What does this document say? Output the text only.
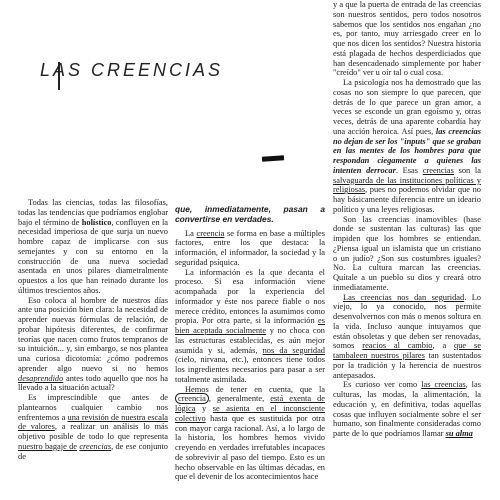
LAS CREENCIAS

Todas las ciencias, todas las filosofías, todas las tendencias que podríamos englobar bajo el término de holístico, confluyen en la necesidad imperiosa de que surja un nuevo hombre capaz de implicarse con sus semejantes y con su entorno en la construcción de una nueva sociedad asentada en unos pilares diametralmente opuestos a los que han reinado durante los últimos trescientos años.

Eso coloca al hombre de nuestros días ante una posición bien clara: la necesidad de aprender nuevas fórmulas de relación, de probar hipótesis diferentes, de confirmar teorías que nacen como frutos tempranos de su intuición... y, sin embargo, se nos plantea una curiosa dicotomía: ¿cómo podremos aprender algo nuevo si no hemos desaprendido antes todo aquello que nos ha llevado a la situación actual?

Es imprescindible que antes de plantearnos cualquier cambio nos enfrentemos a una revisión de nuestra escala de valores, a realizar un análisis lo más objetivo posible de todo lo que representa nuestro bagaje de creencias, de ese conjunto de

que, inmediatamente, pasan a convertirse en verdades.

La creencia se forma en base a múltiples factores, entre los que destaca: la información, el informador, la sociedad y la seguridad psíquica.

La información es la que decanta el proceso. Si esa información viene acompañada por la experiencia del informador y éste nos parece fiable o nos merece crédito, entonces la asumimos como propia. Por otra parte, si la información es bien aceptada socialmente y no choca con las estructuras establecidas, es aún mejor asumida y si, además, nos da seguridad (cielo, nirvana, etc.), entonces tiene todos los ingredientes necesarios para pasar a ser totalmente asimilada.

Hemos de tener en cuenta, que la creencia , generalmente, está exenta de lógica y se asienta en el inconsciente colectivo hasta que es sustituida por otra con mayor carga racional. Así, a lo largo de la historia, los hombres hemos vivido creyendo en verdades irrefutables incapaces de sobrevivir al paso del tiempo. Esto es un hecho observable en las últimas décadas, en que el devenir de los acontecimientos hace

y a que la puerta de entrada de las creencias son nuestros sentidos, pero todos nosotros sabemos que los sentidos nos engañan ¿no es, por tanto, muy arriesgado creer en lo que nos dicen los sentidos? Nuestra historia está plagada de hechos desperdiciados que han desencadenado simplemente por haber "creído" ver u oír tal o cual cosa.

La psicología nos ha demostrado que las cosas no son siempre lo que parecen, que detrás de lo que parece un gran amor, a veces se esconde un gran egoísmo y, otras veces, detrás de una aparente cobardía hay una acción heroica. Así pues, las creencias no dejan de ser los "inputs" que se graban en las mentes de los hombres para que respondan ciegamente a quienes las intenten derrocar. Esas creencias son la salvaguarda de las instituciones políticas y religiosas, pues no podemos olvidar que no hay básicamente diferencia entre un ideario político y una leyes religiosas.

Son las creencias inamovibles (base donde se sustentan las culturas) las que impiden que los hombres se entiendan. ¿Piensa igual un islamista que un cristiano o un judío? ¿Son sus costumbres iguales? No. La cultura marcan las creencias. Quítale a un pueblo su dios y creará otro inmediatamente.

Las creencias nos dan seguridad. Lo viejo, lo ya conocido, nos permite desenvolvernos con más o menos soltura en la vida. Incluso aunque intuyamos que están obsoletas y que deben ser renovadas, somos reacios al cambio, a que se tambaleen nuestros pilares tan sustentados por la tradición y la herencia de nuestros antepasados.

Es curioso ver como las creencias, las culturas, las modas, la alimentación, la educación y, en definitiva, todas aquellas cosas que influyen socialmente sobre el ser humano, son finalmente consideradas como parte de lo que podríamos llamar su alma
